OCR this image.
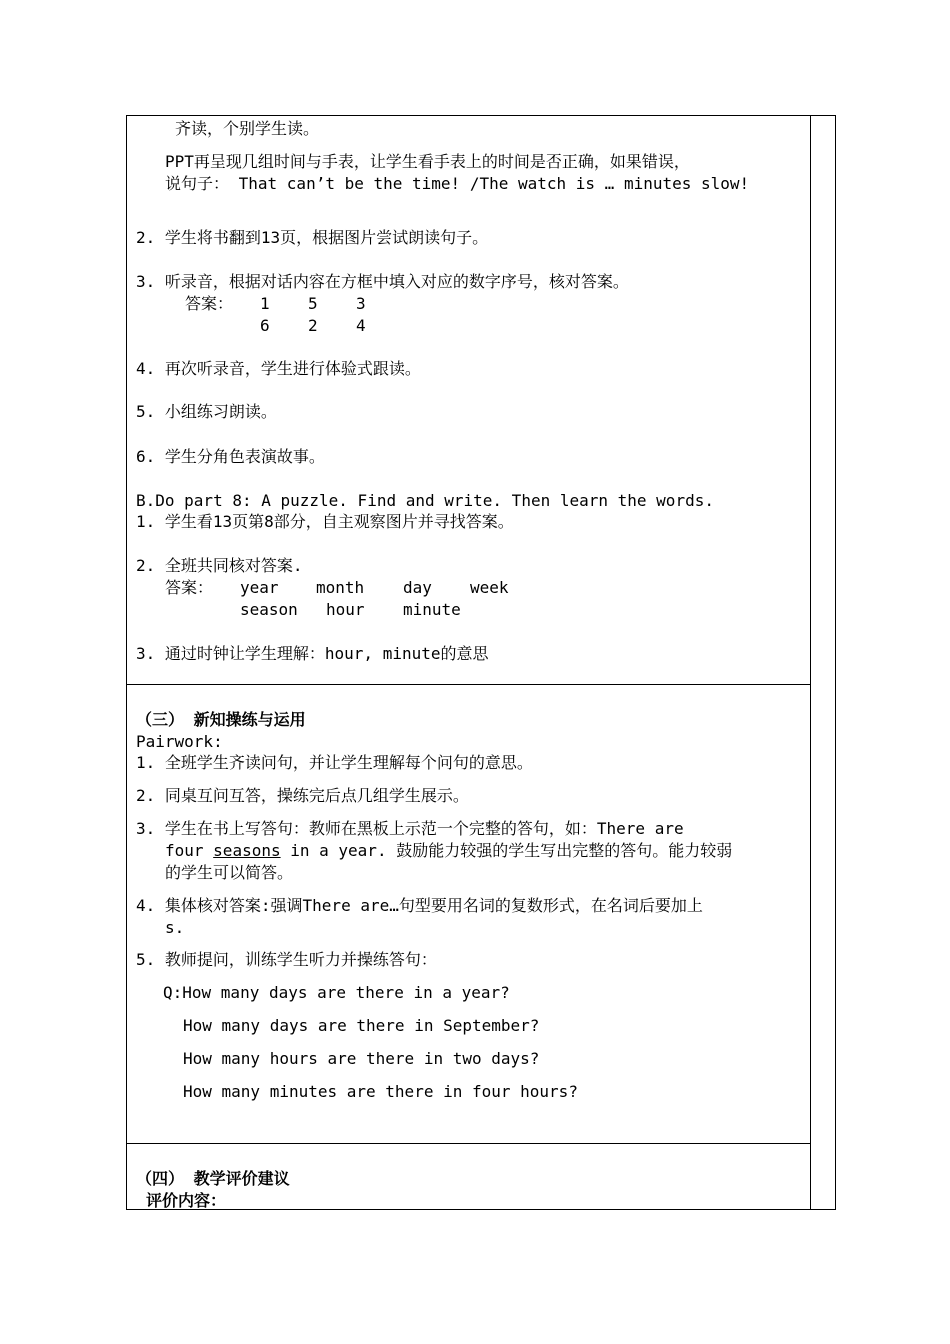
齐读，个别学生读。
PPT再呈现几组时间与手表，让学生看手表上的时间是否正确，如果错误，
说句子： That can’t be the time! /The watch is … minutes slow!
2. 学生将书翻到13页，根据图片尝试朗读句子。
3. 听录音，根据对话内容在方框中填入对应的数字序号，核对答案。
答案： 1 5 3
6 2 4
4. 再次听录音，学生进行体验式跟读。
5. 小组练习朗读。
6. 学生分角色表演故事。
B.Do part 8: A puzzle. Find and write. Then learn the words.
1. 学生看13页第8部分，自主观察图片并寻找答案。
2. 全班共同核对答案.
答案： year month day week
season hour minute
3. 通过时钟让学生理解：hour, minute的意思
（三） 新知操练与运用
Pairwork:
1. 全班学生齐读问句，并让学生理解每个问句的意思。
2. 同桌互问互答，操练完后点几组学生展示。
3. 学生在书上写答句：教师在黑板上示范一个完整的答句，如：There are
four seasons in a year. 鼓励能力较强的学生写出完整的答句。能力较弱
的学生可以简答。
4. 集体核对答案:强调There are…句型要用名词的复数形式，在名词后要加上
s.
5. 教师提问，训练学生听力并操练答句：
Q:How many days are there in a year?
How many days are there in September?
How many hours are there in two days?
How many minutes are there in four hours?
（四） 教学评价建议
评价内容：
